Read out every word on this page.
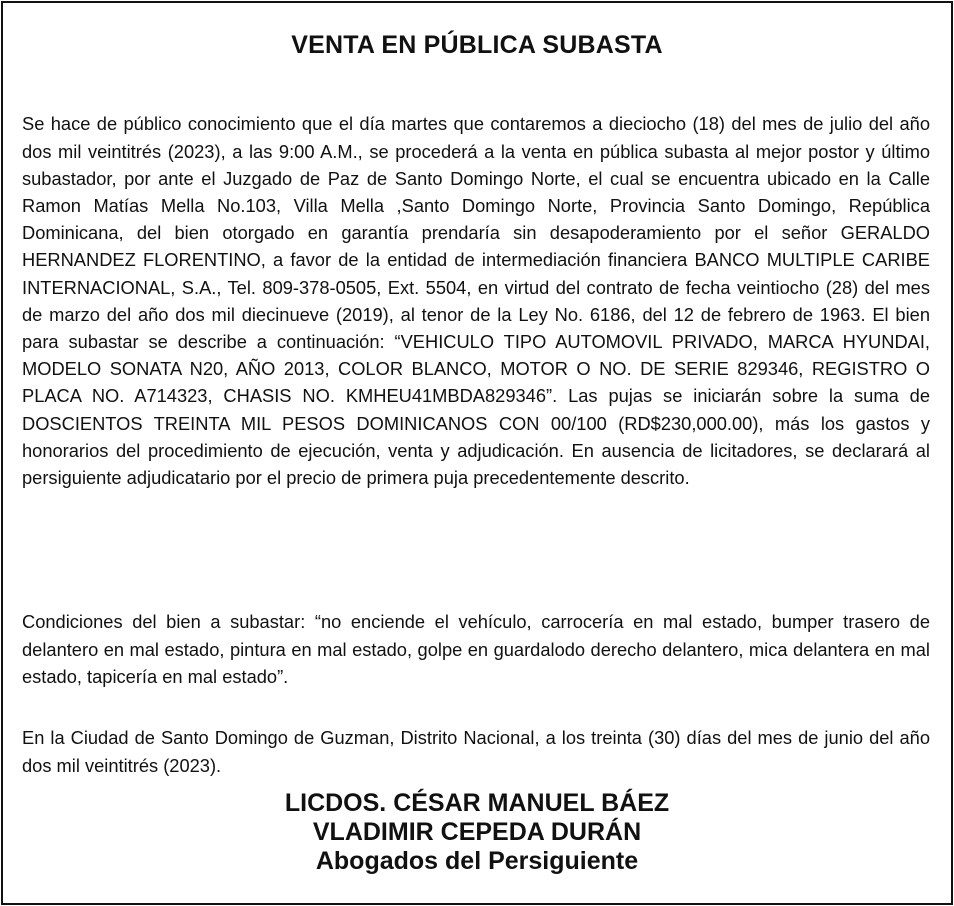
VENTA EN PÚBLICA SUBASTA

Se hace de público conocimiento que el día martes que contaremos a dieciocho (18) del mes de julio del año dos mil veintitrés (2023), a las 9:00 A.M., se procederá a la venta en pública subasta al mejor postor y último subastador, por ante el Juzgado de Paz de Santo Domingo Norte, el cual se encuentra ubicado en la Calle Ramon Matías Mella No.103, Villa Mella ,Santo Domingo Norte, Provincia Santo Domingo, República Dominicana, del bien otorgado en garantía prendaría sin desapoderamiento por el señor GERALDO HERNANDEZ FLORENTINO, a favor de la entidad de intermediación financiera BANCO MULTIPLE CARIBE INTERNACIONAL, S.A., Tel. 809-378-0505, Ext. 5504, en virtud del contrato de fecha veintiocho (28) del mes de marzo del año dos mil diecinueve (2019), al tenor de la Ley No. 6186, del 12 de febrero de 1963. El bien para subastar se describe a continuación: “VEHICULO TIPO AUTOMOVIL PRIVADO, MARCA HYUNDAI, MODELO SONATA N20, AÑO 2013, COLOR BLANCO, MOTOR O NO. DE SERIE 829346, REGISTRO O PLACA NO. A714323, CHASIS NO. KMHEU41MBDA829346”. Las pujas se iniciarán sobre la suma de DOSCIENTOS TREINTA MIL PESOS DOMINICANOS CON 00/100 (RD$230,000.00), más los gastos y honorarios del procedimiento de ejecución, venta y adjudicación. En ausencia de licitadores, se declarará al persiguiente adjudicatario por el precio de primera puja precedentemente descrito.

Condiciones del bien a subastar: “no enciende el vehículo, carrocería en mal estado, bumper trasero de delantero en mal estado, pintura en mal estado, golpe en guardalodo derecho delantero, mica delantera en mal estado, tapicería en mal estado”.

En la Ciudad de Santo Domingo de Guzman, Distrito Nacional, a los treinta (30) días del mes de junio del año dos mil veintitrés (2023).

LICDOS. CÉSAR MANUEL BÁEZ
VLADIMIR CEPEDA DURÁN
Abogados del Persiguiente
